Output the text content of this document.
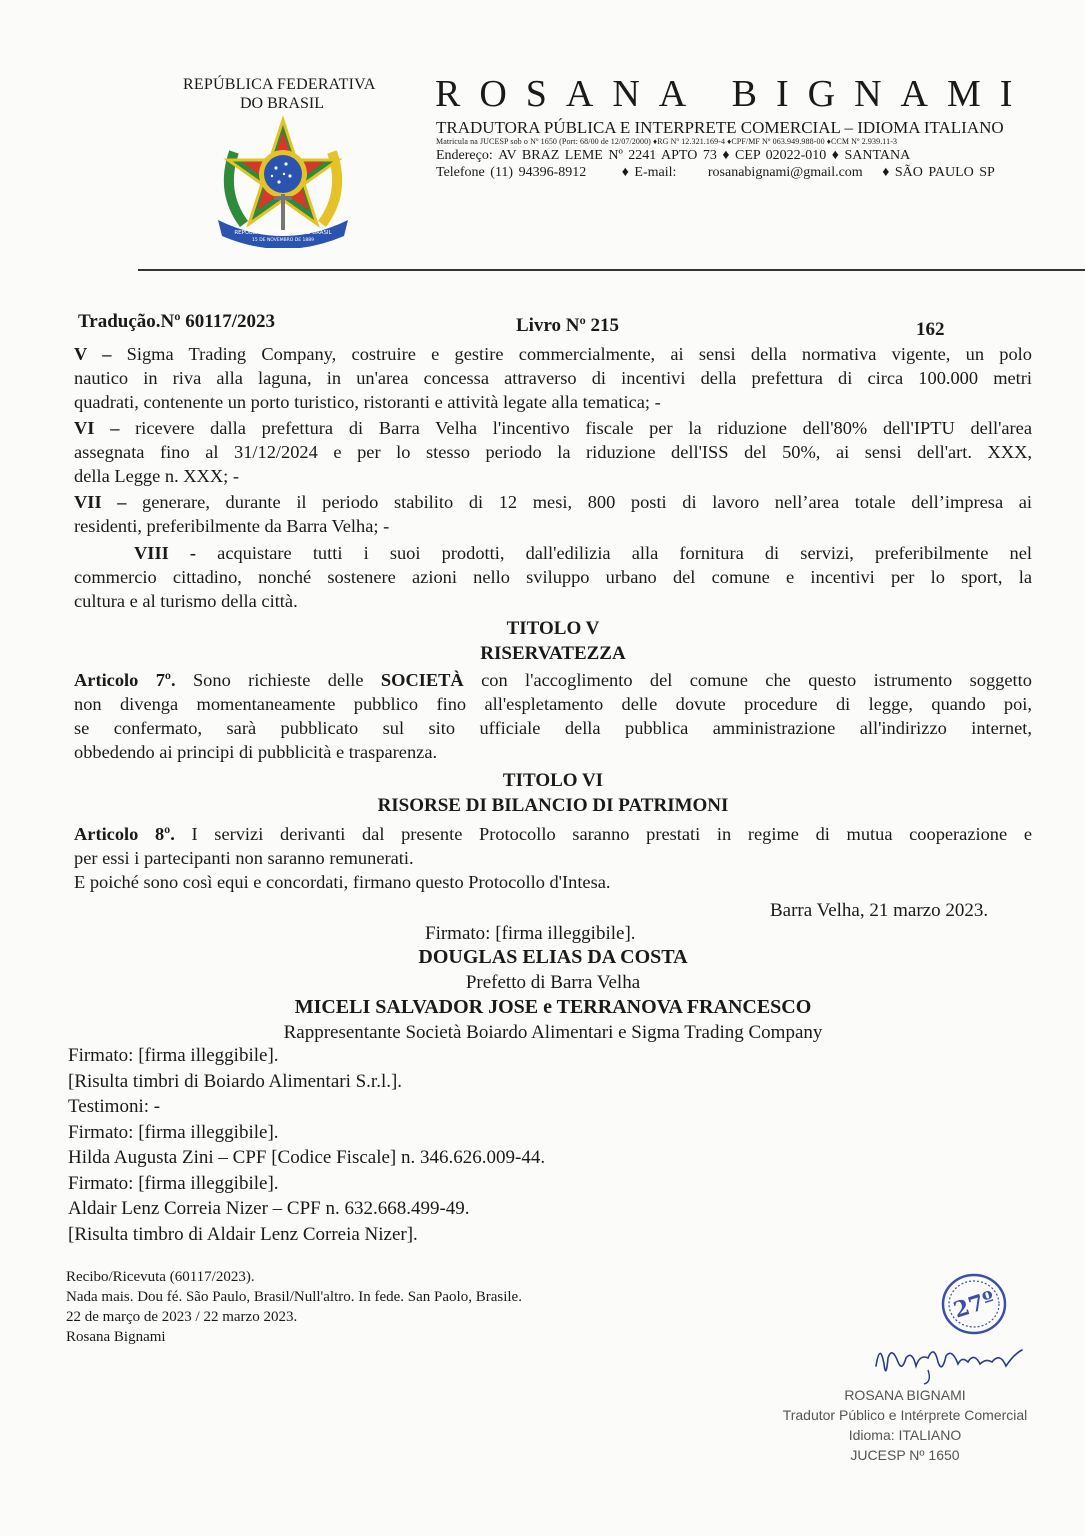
REPÚBLICA FEDERATIVA
DO BRASIL
REPUBLICA FEDERATIVA DO BRASIL
15 DE NOVEMBRO DE 1889
ROSANA BIGNAMI
TRADUTORA PÚBLICA E INTERPRETE COMERCIAL – IDIOMA ITALIANO
Matricula na JUCESP sob o Nº 1650 (Port: 68/00 de 12/07/2000) ♦RG Nº 12.321.169-4 ♦CPF/MF Nº 063.949.988-00 ♦CCM Nº 2.939.11-3
Endereço: AV BRAZ LEME Nº 2241 APTO 73 ♦ CEP 02022-010 ♦ SANTANA
Telefone (11) 94396-8912	♦ E-mail: rosanabignami@gmail.com ♦ SÃO PAULO SP
Tradução.Nº 60117/2023	Livro Nº 215	162
V – Sigma Trading Company, costruire e gestire commercialmente, ai sensi della normativa vigente, un polo
nautico in riva alla laguna, in un'area concessa attraverso di incentivi della prefettura di circa 100.000 metri
quadrati, contenente un porto turistico, ristoranti e attività legate alla tematica; -
VI – ricevere dalla prefettura di Barra Velha l'incentivo fiscale per la riduzione dell'80% dell'IPTU dell'area
assegnata fino al 31/12/2024 e per lo stesso periodo la riduzione dell'ISS del 50%, ai sensi dell'art. XXX,
della Legge n. XXX; -
VII – generare, durante il periodo stabilito di 12 mesi, 800 posti di lavoro nell’area totale dell’impresa ai
residenti, preferibilmente da Barra Velha; -
VIII - acquistare tutti i suoi prodotti, dall'edilizia alla fornitura di servizi, preferibilmente nel
commercio cittadino, nonché sostenere azioni nello sviluppo urbano del comune e incentivi per lo sport, la
cultura e al turismo della città.
TITOLO V
RISERVATEZZA
Articolo 7º. Sono richieste delle SOCIETÀ con l'accoglimento del comune che questo istrumento soggetto
non divenga momentaneamente pubblico fino all'espletamento delle dovute procedure di legge, quando poi,
se confermato, sarà pubblicato sul sito ufficiale della pubblica amministrazione all'indirizzo internet,
obbedendo ai principi di pubblicità e trasparenza.
TITOLO VI
RISORSE DI BILANCIO DI PATRIMONI
Articolo 8º. I servizi derivanti dal presente Protocollo saranno prestati in regime di mutua cooperazione e
per essi i partecipanti non saranno remunerati.
E poiché sono così equi e concordati, firmano questo Protocollo d'Intesa.
Barra Velha, 21 marzo 2023.
Firmato: [firma illeggibile].
DOUGLAS ELIAS DA COSTA
Prefetto di Barra Velha
MICELI SALVADOR JOSE e TERRANOVA FRANCESCO
Rappresentante Società Boiardo Alimentari e Sigma Trading Company
Firmato: [firma illeggibile].
[Risulta timbri di Boiardo Alimentari S.r.l.].
Testimoni: -
Firmato: [firma illeggibile].
Hilda Augusta Zini – CPF [Codice Fiscale] n. 346.626.009-44.
Firmato: [firma illeggibile].
Aldair Lenz Correia Nizer – CPF n. 632.668.499-49.
[Risulta timbro di Aldair Lenz Correia Nizer].
Recibo/Ricevuta (60117/2023).
Nada mais. Dou fé. São Paulo, Brasil/Null'altro. In fede. San Paolo, Brasile.
22 de março de 2023 / 22 marzo 2023.
Rosana Bignami
27º
ROSANA BIGNAMI
Tradutor Público e Intérprete Comercial
Idioma: ITALIANO
JUCESP Nº 1650
